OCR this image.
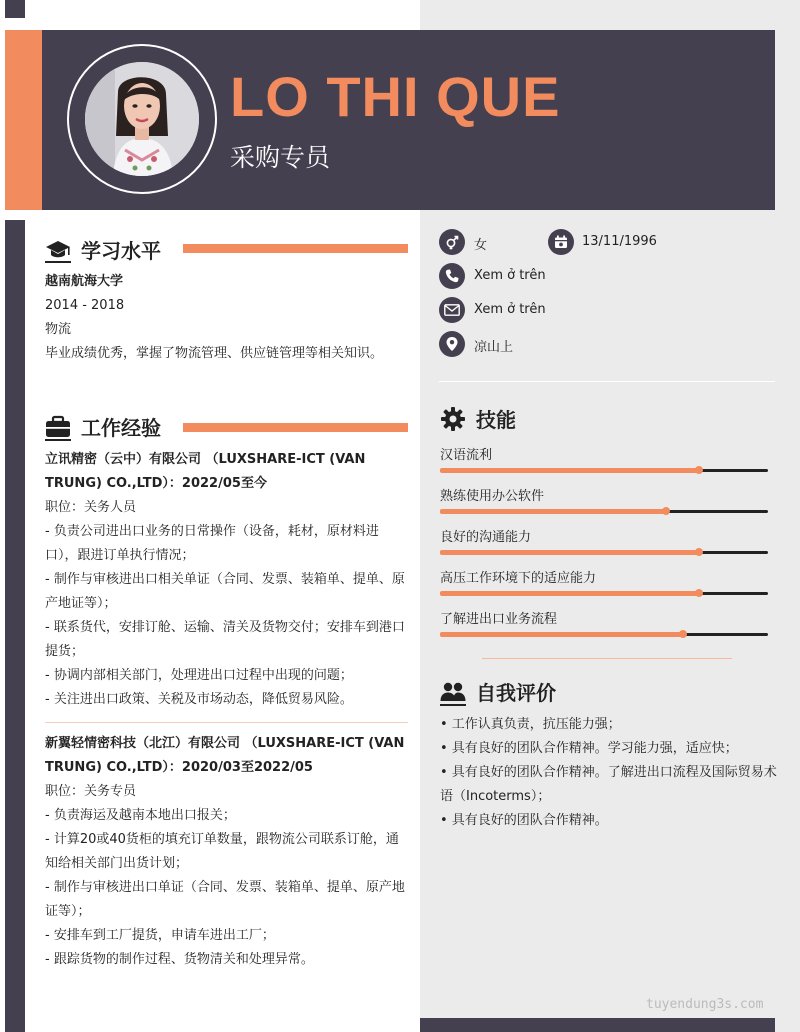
LO THI QUE
采购专员
学习水平
越南航海大学
2014 - 2018
物流
毕业成绩优秀，掌握了物流管理、供应链管理等相关知识。
工作经验
立讯精密（云中）有限公司 （LUXSHARE-ICT (VAN TRUNG) CO.,LTD）：2022/05至今
职位：关务人员
- 负责公司进出口业务的日常操作（设备，耗材，原材料进口），跟进订单执行情况；
- 制作与审核进出口相关单证（合同、发票、装箱单、提单、原产地证等）；
- 联系货代，安排订舱、运输、清关及货物交付；安排车到港口提货；
- 协调内部相关部门，处理进出口过程中出现的问题；
- 关注进出口政策、关税及市场动态，降低贸易风险。
新翼轻情密科技（北江）有限公司 （LUXSHARE-ICT (VAN TRUNG) CO.,LTD）：2020/03至2022/05
职位：关务专员
- 负责海运及越南本地出口报关；
- 计算20或40货柜的填充订单数量，跟物流公司联系订舱，通知给相关部门出货计划；
- 制作与审核进出口单证（合同、发票、装箱单、提单、原产地证等）；
- 安排车到工厂提货，申请车进出工厂；
- 跟踪货物的制作过程、货物清关和处理异常。
女	13/11/1996
Xem ở trên
Xem ở trên
凉山上
技能
汉语流利
熟练使用办公软件
良好的沟通能力
高压工作环境下的适应能力
了解进出口业务流程
自我评价
• 工作认真负责，抗压能力强；
• 具有良好的团队合作精神。学习能力强，适应快；
• 具有良好的团队合作精神。了解进出口流程及国际贸易术语（Incoterms）；
• 具有良好的团队合作精神。
tuyendung3s.com
